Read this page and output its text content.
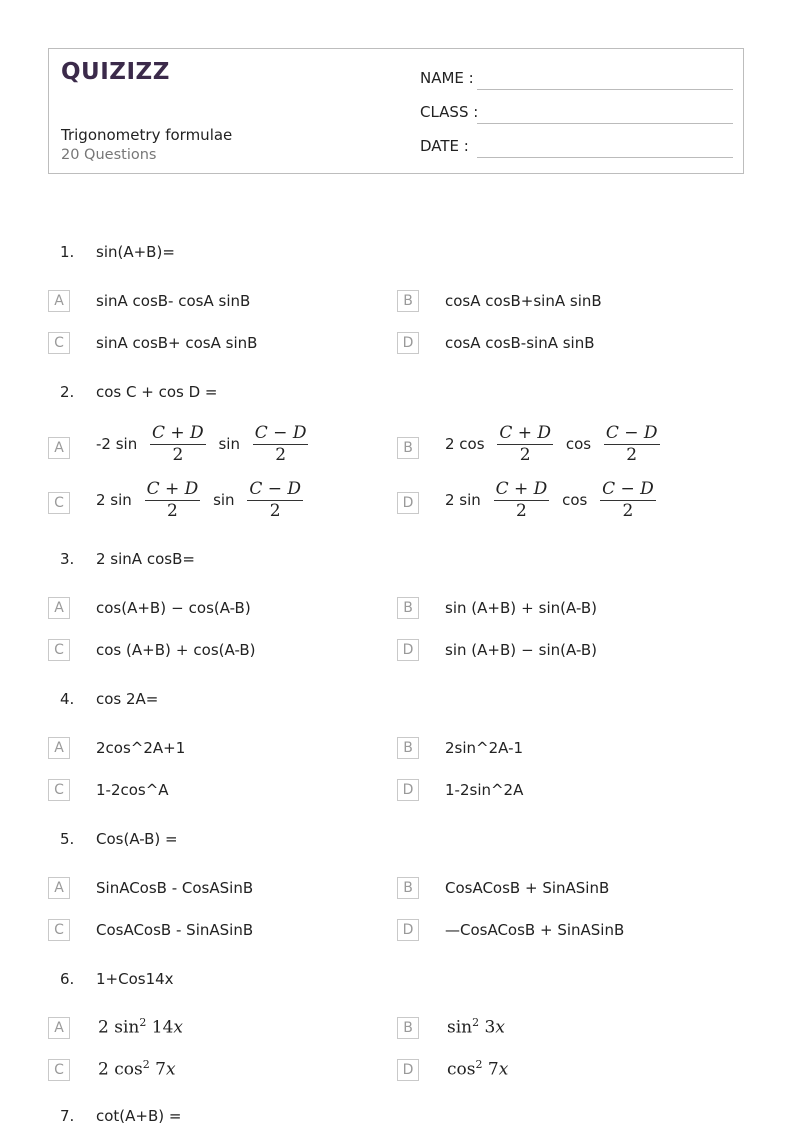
QUIZIZZ
Trigonometry formulae
20 Questions
NAME :
CLASS :
DATE :
1. sin(A+B)=
A	sinA cosB- cosA sinB	B	cosA cosB+sinA sinB
C	sinA cosB+ cosA sinB	D	cosA cosB-sinA sinB
2. cos C + cos D =
A	-2 $\sin \frac{C + D}{2}$ $\sin \frac{C - D}{2}$	B	2 $\cos \frac{C + D}{2}$ $\cos \frac{C - D}{2}$
C	2 $\sin \frac{C + D}{2}$ $\sin \frac{C - D}{2}$	D	2 $\sin \frac{C + D}{2}$ $\cos \frac{C - D}{2}$
3. 2 sinA cosB=
A	cos(A+B) − cos(A-B)	B	sin (A+B) + sin(A-B)
C	cos (A+B) + cos(A-B)	D	sin (A+B) − sin(A-B)
4. cos 2A=
A	2cos^2A+1	B	2sin^2A-1
C	1-2cos^A	D	1-2sin^2A
5. Cos(A-B) =
A	SinACosB - CosASinB	B	CosACosB + SinASinB
C	CosACosB - SinASinB	D	—CosACosB + SinASinB
6. 1+Cos14x
A	2 $\sin^2 14x$	B	$\sin^2 3x$
C	2 $\cos^2 7x$	D	$\cos^2 7x$
7. cot(A+B) =
